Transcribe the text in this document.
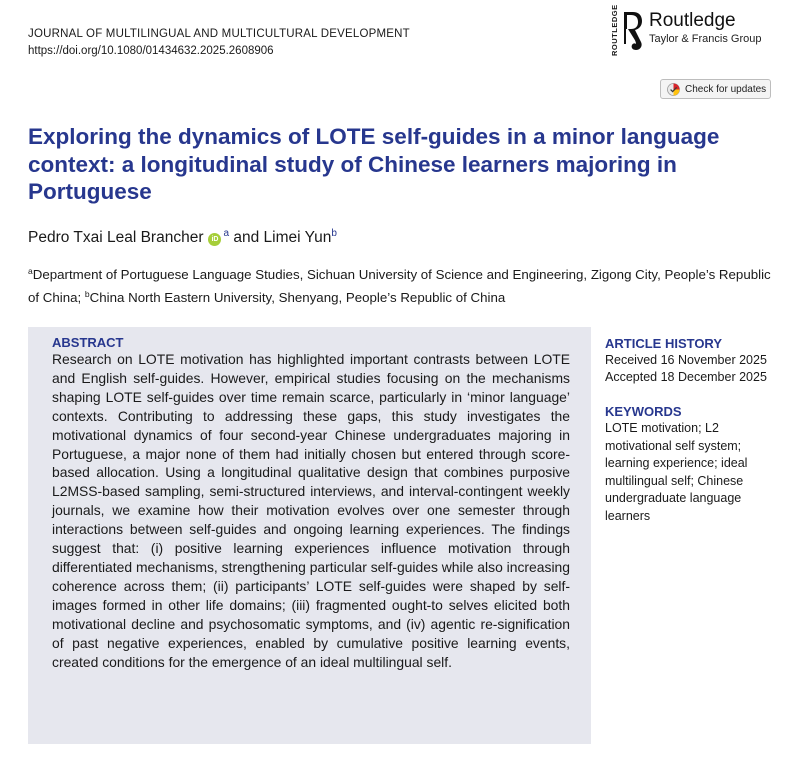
JOURNAL OF MULTILINGUAL AND MULTICULTURAL DEVELOPMENT
https://doi.org/10.1080/01434632.2025.2608906	ROUTLEDGE Routledge
Taylor & Francis Group
Check for updates
Exploring the dynamics of LOTE self-guides in a minor language context: a longitudinal study of Chinese learners majoring in Portuguese
Pedro Txai Leal Brancher $iD^a$ and Limei Yun$^b$
$^a$Department of Portuguese Language Studies, Sichuan University of Science and Engineering, Zigong City, People’s Republic of China; $^b$China North Eastern University, Shenyang, People’s Republic of China
ABSTRACT
Research on LOTE motivation has highlighted important contrasts between LOTE and English self-guides. However, empirical studies focusing on the mechanisms shaping LOTE self-guides over time remain scarce, particularly in ‘minor language’ contexts. Contributing to addressing these gaps, this study investigates the motivational dynamics of four second-year Chinese undergraduates majoring in Portuguese, a major none of them had initially chosen but entered through score-based allocation. Using a longitudinal qualitative design that combines purposive L2MSS-based sampling, semi-structured interviews, and interval-contingent weekly journals, we examine how their motivation evolves over one semester through interactions between self-guides and ongoing learning experiences. The findings suggest that: (i) positive learning experiences influence motivation through differentiated mechanisms, strengthening particular self-guides while also increasing coherence across them; (ii) participants’ LOTE self-guides were shaped by self-images formed in other life domains; (iii) fragmented ought-to selves elicited both motivational decline and psychosomatic symptoms, and (iv) agentic re-signification of past negative experiences, enabled by cumulative positive learning events, created conditions for the emergence of an ideal multilingual self.
ARTICLE HISTORY
Received 16 November 2025
Accepted 18 December 2025
KEYWORDS
LOTE motivation; L2 motivational self system; learning experience; ideal multilingual self; Chinese undergraduate language learners
